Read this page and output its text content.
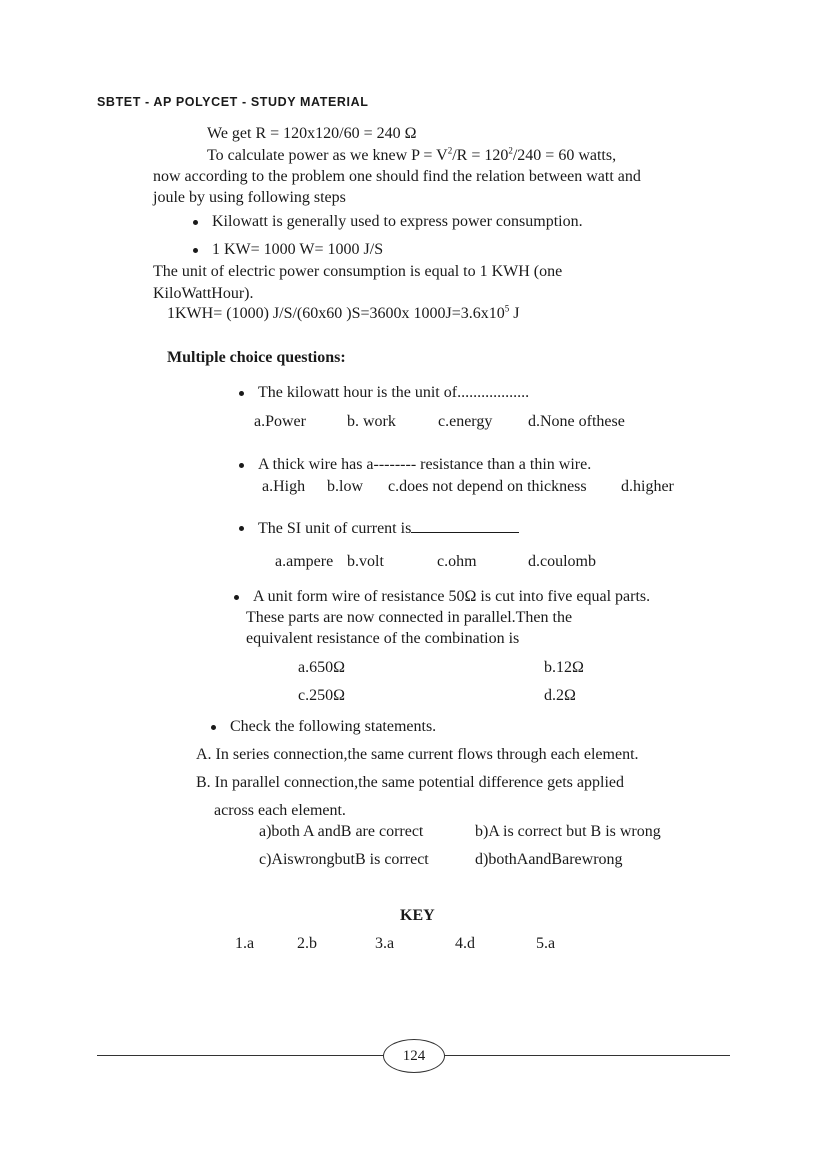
SBTET - AP POLYCET - STUDY MATERIAL
We get R = 120x120/60 = 240 Ω
To calculate power as we knew $P = V^2/R = 120^2/240 = 60$ watts,
now according to the problem one should find the relation between watt and
joule by using following steps
Kilowatt is generally used to express power consumption.
1 KW= 1000 W= 1000 J/S
The unit of electric power consumption is equal to 1 KWH (one
KiloWattHour).
1KWH= (1000) J/S/(60x60 )S=3600x $1000J=3.6x10^5$ J
Multiple choice questions:
The kilowatt hour is the unit of..................
a.Power	b. work	c.energy d.None ofthese
A thick wire has a-------- resistance than a thin wire.
a.High b.low c.does not depend on thickness d.higher
The SI unit of current is
a.ampere b.volt	c.ohm	d.coulomb
A unit form wire of resistance 50Ω is cut into five equal parts.
These parts are now connected in parallel.Then the
equivalent resistance of the combination is
a.650Ω	b.12Ω
c.250Ω	d.2Ω
Check the following statements.
A. In series connection,the same current flows through each element.
B. In parallel connection,the same potential difference gets applied
across each element.
a)both A andB are correct	b)A is correct but B is wrong
c)AiswrongbutB is correct	d)bothAandBarewrong
KEY
1.a	2.b	3.a	4.d	5.a
124
